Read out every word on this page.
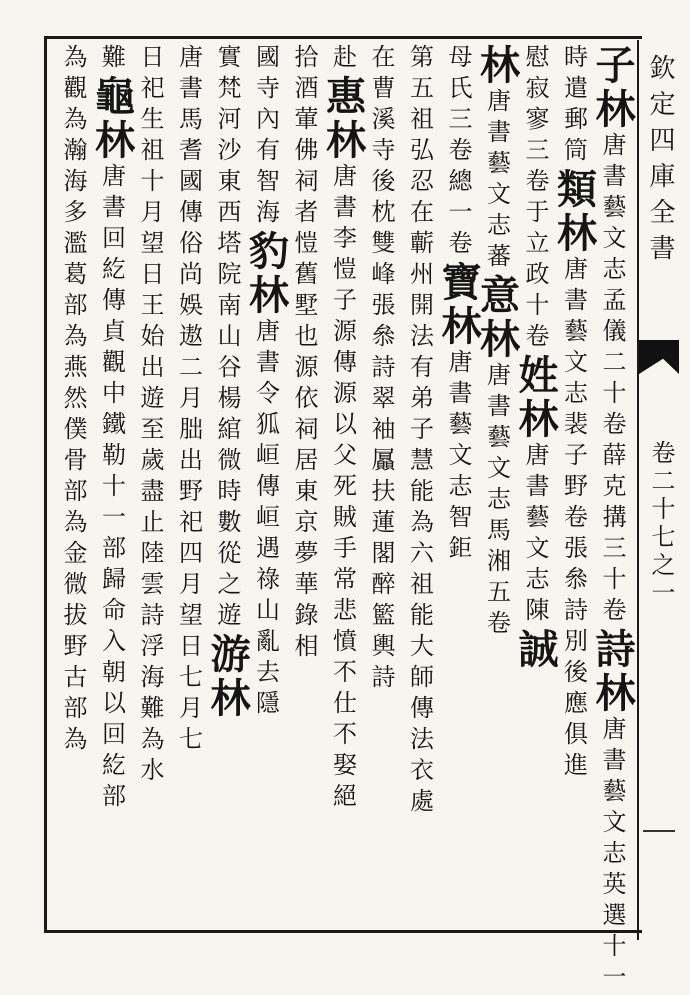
欽定四庫全書
卷二十七之一
子林唐書藝文志孟儀二十卷薛克搆三十卷詩林唐書藝文志英選十一
時遣郵筒類林唐書藝文志裴子野卷張叅詩別後應俱進
慰寂寥三卷于立政十卷姓林唐書藝文志陳誠
林唐書藝文志蕃意林唐書藝文志馬湘五卷
母氏三卷總一卷寶林唐書藝文志智鉅
第五祖弘忍在蘄州開法有弟子慧能為六祖能大師傳法衣處
在曹溪寺後枕雙峰張叅詩翠袖屭扶蓮閣醉籃輿詩
赴惠林唐書李愷子源傳源以父死賊手常悲憤不仕不娶絕
拾酒葷佛祠者愷舊墅也源依祠居東京夢華錄相
國寺內有智海豹林唐書令狐峘傳峘遇祿山亂去隱
實梵河沙東西塔院南山谷楊綰微時數從之遊游林
唐書馬耆國傳俗尚娛遨二月朏出野祀四月望日七月七
日祀生祖十月望日王始出遊至歲盡止陸雲詩浮海難為水
難龜林唐書回紇傳貞觀中鐵勒十一部歸命入朝以回紇部
為觀為瀚海多濫葛部為燕然僕骨部為金微拔野古部為
